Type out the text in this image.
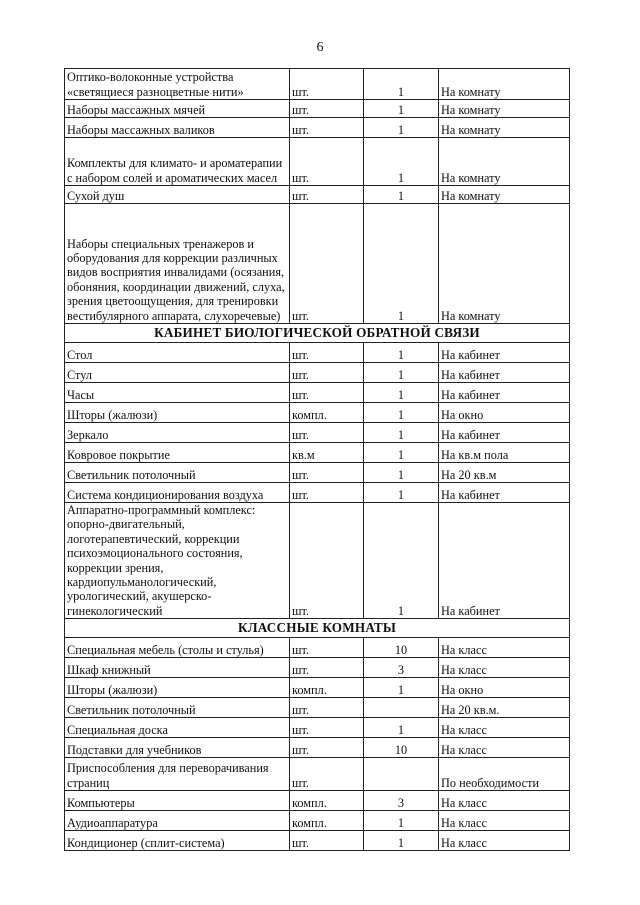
6
Оптико-волоконные устройства «светящиеся разноцветные нити»	шт.	1	На комнату
Наборы массажных мячей	шт.	1	На комнату
Наборы массажных валиков	шт.	1	На комнату
Комплекты для климато- и ароматерапии с набором солей и ароматических масел	шт.	1	На комнату
Сухой душ	шт.	1	На комнату
Наборы специальных тренажеров и оборудования для коррекции различных видов восприятия инвалидами (осязания, обоняния, координации движений, слуха, зрения цветоощущения, для тренировки вестибулярного аппарата, слухоречевые)	шт.	1	На комнату
КАБИНЕТ БИОЛОГИЧЕСКОЙ ОБРАТНОЙ СВЯЗИ			
Стол	шт.	1	На кабинет
Стул	шт.	1	На кабинет
Часы	шт.	1	На кабинет
Шторы (жалюзи)	компл.	1	На окно
Зеркало	шт.	1	На кабинет
Ковровое покрытие	кв.м	1	На кв.м пола
Светильник потолочный	шт.	1	На 20 кв.м
Система кондиционирования воздуха	шт.	1	На кабинет
Аппаратно-программный комплекс: опорно-двигательный, логотерапевтический, коррекции психоэмоционального состояния, коррекции зрения, кардиопульманологический, урологический, акушерско-гинекологический	шт.	1	На кабинет
КЛАССНЫЕ КОМНАТЫ			
Специальная мебель (столы и стулья)	шт.	10	На класс
Шкаф книжный	шт.	3	На класс
Шторы (жалюзи)	компл.	1	На окно
Светильник потолочный	шт.		На 20 кв.м.
Специальная доска	шт.	1	На класс
Подставки для учебников	шт.	10	На класс
Приспособления для переворачивания страниц	шт.		По необходимости
Компьютеры	компл.	3	На класс
Аудиоаппаратура	компл.	1	На класс
Кондиционер (сплит-система)	шт.	1	На класс
